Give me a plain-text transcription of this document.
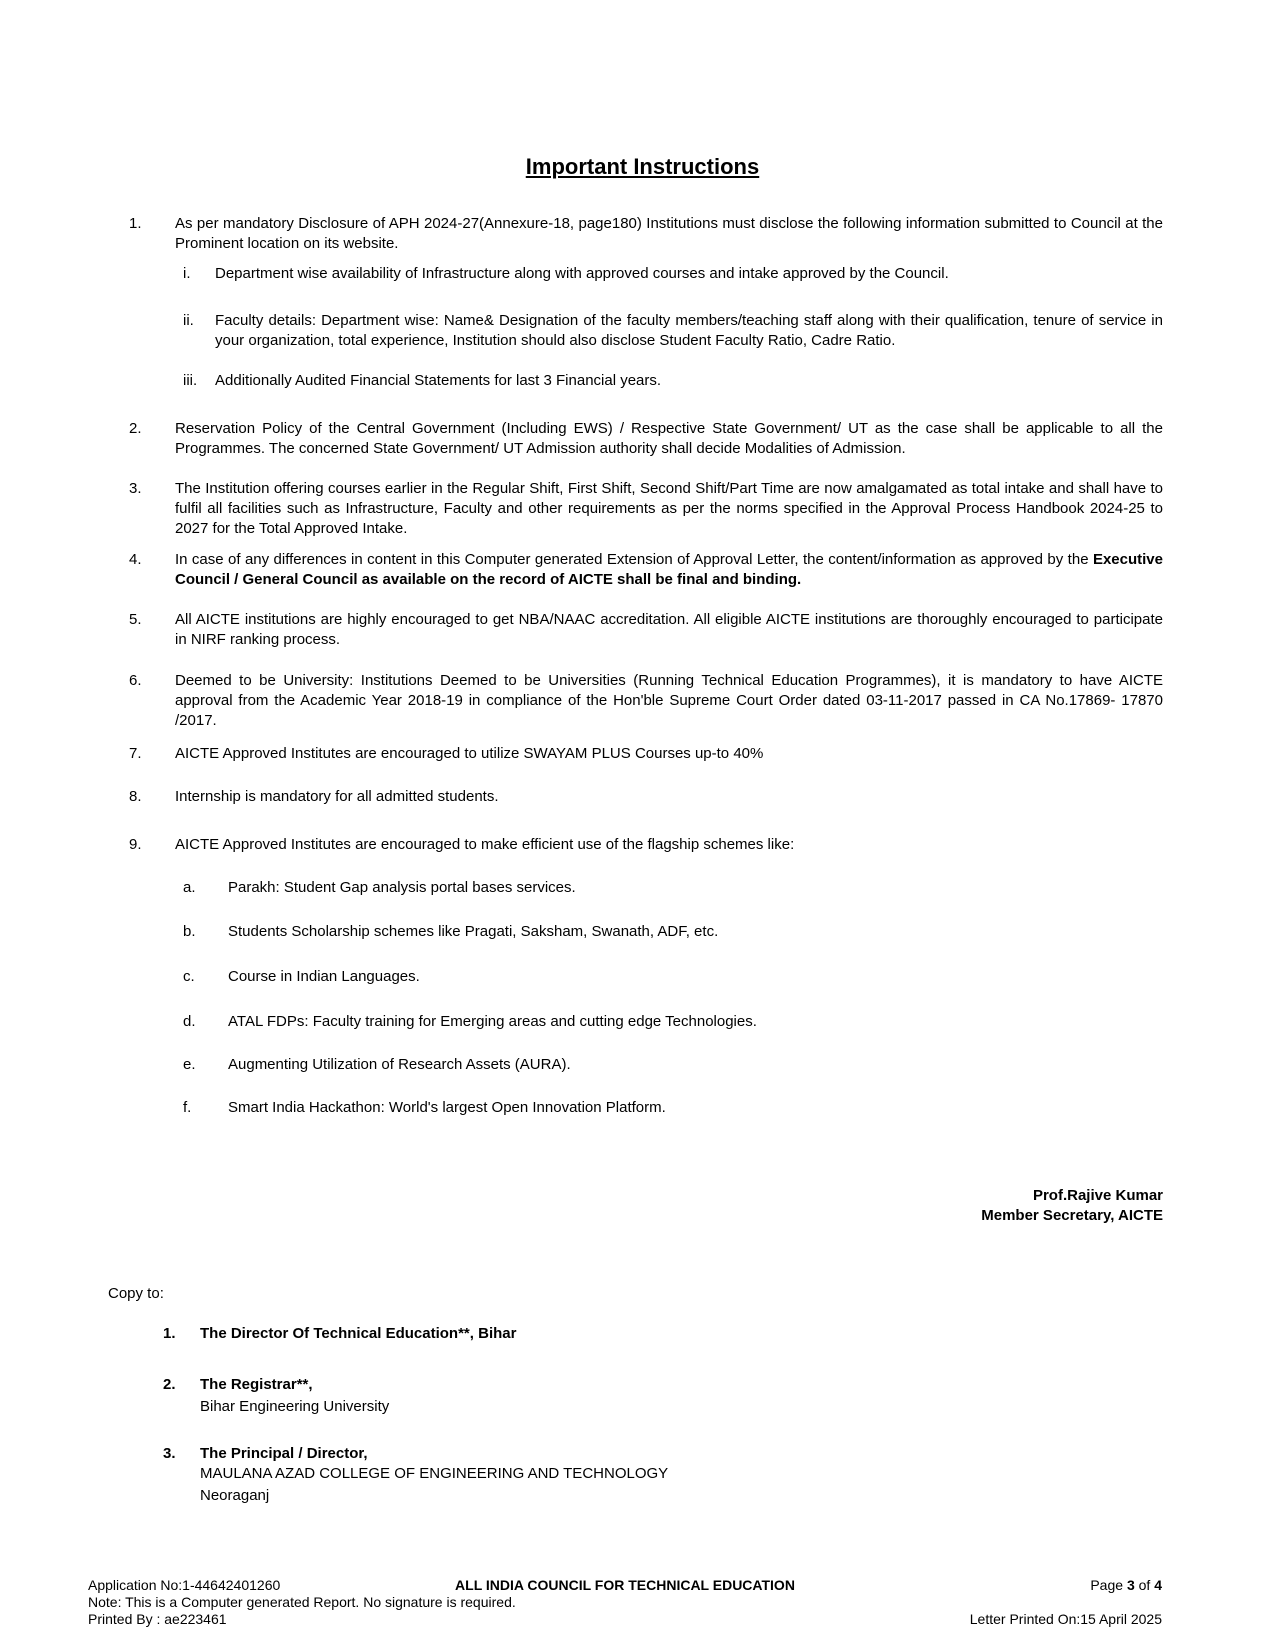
Important Instructions
1.	As per mandatory Disclosure of APH 2024-27(Annexure-18, page180) Institutions must disclose the following information submitted to Council at the Prominent location on its website.
i.	Department wise availability of Infrastructure along with approved courses and intake approved by the Council.
ii.	Faculty details: Department wise: Name& Designation of the faculty members/teaching staff along with their qualification, tenure of service in your organization, total experience, Institution should also disclose Student Faculty Ratio, Cadre Ratio.
iii.	Additionally Audited Financial Statements for last 3 Financial years.
2.	Reservation Policy of the Central Government (Including EWS) / Respective State Government/ UT as the case shall be applicable to all the Programmes. The concerned State Government/ UT Admission authority shall decide Modalities of Admission.
3.	The Institution offering courses earlier in the Regular Shift, First Shift, Second Shift/Part Time are now amalgamated as total intake and shall have to fulfil all facilities such as Infrastructure, Faculty and other requirements as per the norms specified in the Approval Process Handbook 2024-25 to 2027 for the Total Approved Intake.
4.	In case of any differences in content in this Computer generated Extension of Approval Letter, the content/information as approved by the Executive Council / General Council as available on the record of AICTE shall be final and binding.
5.	All AICTE institutions are highly encouraged to get NBA/NAAC accreditation. All eligible AICTE institutions are thoroughly encouraged to participate in NIRF ranking process.
6.	Deemed to be University: Institutions Deemed to be Universities (Running Technical Education Programmes), it is mandatory to have AICTE approval from the Academic Year 2018-19 in compliance of the Hon'ble Supreme Court Order dated 03-11-2017 passed in CA No.17869- 17870 /2017.
7.	AICTE Approved Institutes are encouraged to utilize SWAYAM PLUS Courses up-to 40%
8.	Internship is mandatory for all admitted students.
9.	AICTE Approved Institutes are encouraged to make efficient use of the flagship schemes like:
a.	Parakh: Student Gap analysis portal bases services.
b.	Students Scholarship schemes like Pragati, Saksham, Swanath, ADF, etc.
c.	Course in Indian Languages.
d.	ATAL FDPs: Faculty training for Emerging areas and cutting edge Technologies.
e.	Augmenting Utilization of Research Assets (AURA).
f.	Smart India Hackathon: World's largest Open Innovation Platform.
Prof.Rajive Kumar
Member Secretary, AICTE
Copy to:
1.	The Director Of Technical Education**, Bihar
2.	The Registrar**,
Bihar Engineering University
3.	The Principal / Director,
MAULANA AZAD COLLEGE OF ENGINEERING AND TECHNOLOGY
Neoraganj
Application No:1-44642401260	ALL INDIA COUNCIL FOR TECHNICAL EDUCATION	Page 3 of 4
Note: This is a Computer generated Report. No signature is required.
Printed By : ae223461	Letter Printed On:15 April 2025
